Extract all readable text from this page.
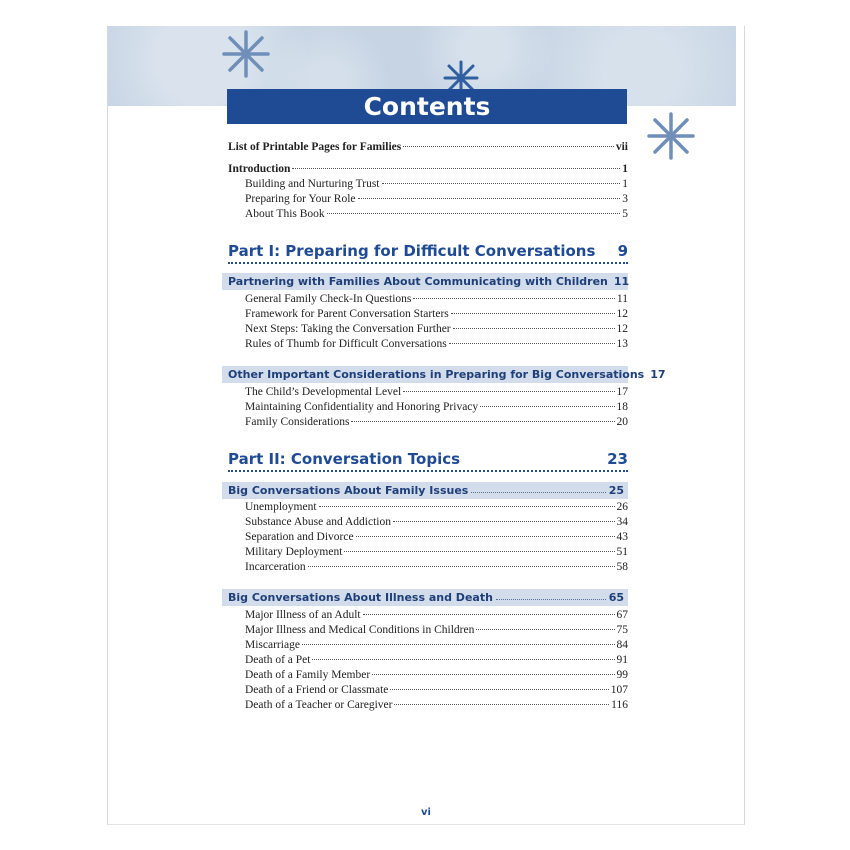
Contents
List of Printable Pages for Families	vii
Introduction	1
Building and Nurturing Trust	1
Preparing for Your Role	3
About This Book	5
Part I: Preparing for Difficult Conversations 9
Partnering with Families About Communicating with Children 11
General Family Check-In Questions	11
Framework for Parent Conversation Starters	12
Next Steps: Taking the Conversation Further	12
Rules of Thumb for Difficult Conversations	13
Other Important Considerations in Preparing for Big Conversations 17
The Child’s Developmental Level	17
Maintaining Confidentiality and Honoring Privacy	18
Family Considerations	20
Part II: Conversation Topics	23
Big Conversations About Family Issues	25
Unemployment	26
Substance Abuse and Addiction	34
Separation and Divorce	43
Military Deployment	51
Incarceration	58
Big Conversations About Illness and Death	65
Major Illness of an Adult	67
Major Illness and Medical Conditions in Children	75
Miscarriage	84
Death of a Pet	91
Death of a Family Member	99
Death of a Friend or Classmate	107
Death of a Teacher or Caregiver	116
vi
